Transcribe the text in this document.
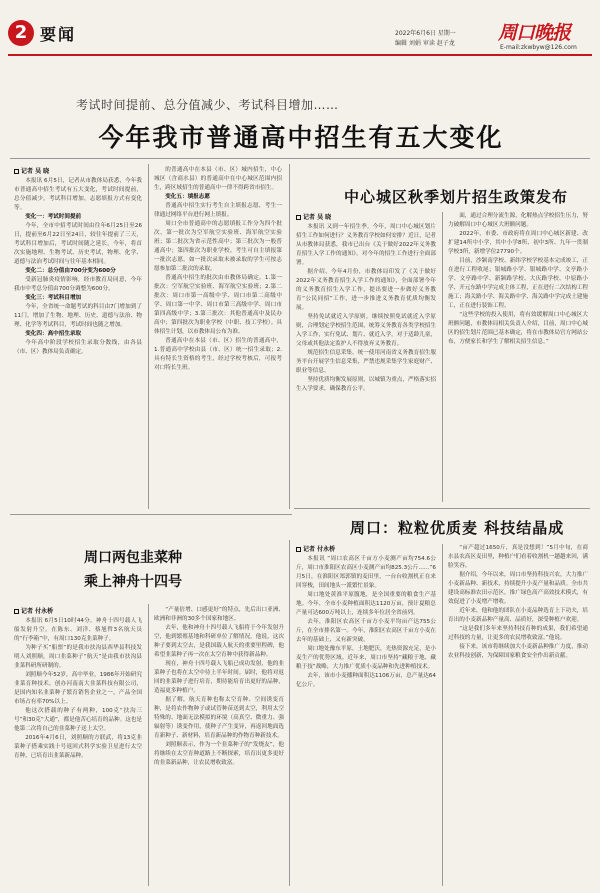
2 要闻	2022年6月6日 星期一
编辑 刘娟 审读 赵子龙 周口晚报
E-mail:zkwbyw@126.com
考试时间提前、总分值减少、考试科目增加……
今年我市普通高中招生有五大变化
记者 吴 晓
本报讯 6月5日，记者从市教体局获悉，今年我市普通高中招生考试有五大变化，考试时间提前，总分值减少，考试科目增加，志愿填报方式有变化等。
变化一：考试时间提前
今年，全市中招考试时间由往年6月25日至26日，提前至6月22日至24日，较往年提前了三天，考试科目增加后，考试时间随之延长。今年，将首次实施地理、生物考试、历史考试，物理、化学、道德与法治考试时间与往年基本相同。
变化二：总分值由700分变为600分
受新冠肺炎疫情影响，经市教育局同意，今年我市中考总分值由700分调整为600分。
变化三：考试科目增加
今年，全省统一命题考试的科目由7门增加到了11门。增加了生物、地理、历史、道德与法治、物理、化学等考试科目，考试时间也随之增加。
变化四：高中招生录取
今年高中阶段学校招生录取分数线，由各县（市、区）教体局负责确定。
的普通高中在本县（市、区）城内招生，中心城区（含商水县）的普通高中在中心城区范围内招生，跨区域招生的普通高中一律不得跨省市招生。
变化五：填报志愿
普通高中招生实行考生自主填报志愿，考生一律通过网络平台进行网上填报。
周口全市普通高中的志愿填报工作分为四个批次，第一批次为空军航空实验班、海军航空实验班；第二批次为省示范性高中；第三批次为一般普通高中；第四批次为职业学校。考生可自主填报第一批次志愿，如一批次录取未被录取的学生可按志愿参加第二批次的录取。
普通高中招生的批次由市教体局确定。1.第一批次：空军航空实验班、海军航空实验班；2.第二批次：周口市第一高级中学、周口市第二高级中学、周口第一中学、周口市第三高级中学、周口市第四高级中学；3.第三批次：其他普通高中及民办高中；第四批次为职业学校（中职、技工学校）。具体招生计划，以市教体局公布为准。
普通高中在本县（市、区）招生的普通高中，1.普通高中学校由县（市、区）统一招生录取；2.具有特长生资格的考生，经过学校考核后，可报考对口特长生班。
中心城区秋季划片招生政策发布
记者 吴 晓
本报讯 又到一年招生季。今年，周口中心城区划片招生工作如何进行？义务教育学校如何安排？近日，记者从市教体局获悉，我市已出台《关于做好2022年义务教育招生入学工作的通知》。对今年的招生工作进行全面部署。
据介绍，今年4月份，市教体局印发了《关于做好2022年义务教育招生入学工作的通知》，全面部署今年的义务教育招生入学工作，提出要进一步做好义务教育“公民同招”工作，进一步推进义务教育优质均衡发展。
坚持免试就近入学原则。继续按照免试就近入学原则，合理划定学校招生范围，统筹义务教育各类学校招生入学工作，实行免试、划片、就近入学。对于适龄儿童，父母或其他法定监护人不得放弃义务教育。
规范招生信息采集。统一使用河南省义务教育招生服务平台开展学生信息采集，严禁违规采集学生家庭财产、职业等信息。
坚持优质均衡发展原则，以城镇为重点，严格落实招生入学要求，确保教育公平。
面，通过合理分流生源，化解热点学校招生压力，努力破解周口中心城区大班额问题。
2022年，市委、市政府将在周口中心城区新建、改扩建14所中小学，其中小学8所、初中3所、九年一贯制学校3所，新增学位27790个。
目前，沙颍南学校、新纬学校学校基本完成竣工，正在进行工程收尾；银城路小学、银城路中学、文亭路小学、文亭路中学、新颍路学校、大庆路学校、中原路小学、开元东路中学完成主体工程，正在进行二次结构工程施工；海关路小学、海关路中学、海关路中学完成土建施工，正在进行装饰工程。
“这些学校的投入使用，将有效缓解周口中心城区大班额问题，市教体局相关负责人介绍，目前，周口中心城区的招生划片范围已基本确定，将在市教体局官方网站公布，方便家长和学生了解相关招生信息。”
周口：粒粒优质麦 科技结晶成
周口两包韭菜种
乘上神舟十四号
记者 付永桥
本报讯 6月5日10时44分，神舟十四号载人飞船发射升空。在陈东、刘洋、蔡旭哲3名航天员的“行李箱”中，有周口130克韭菜种子。
为种子买“船票”的是我市扶沟县西华县科技发明人刘照顺，周口韭菜种子“航天”是由我市扶沟县韭菜科研所研制的。
刘照顺今年52岁，高中毕业，1986年开始研究韭菜育种技术，创办河南南大韭菜科技有限公司，是国内知名韭菜种子繁育销售企业之一，产品全国市场占有率70%以上。
他这次搭载的种子有两种，100克“扶沟三号”和30克“大通”，都是他苦心培育的品种。这也是他第二次将自己的韭菜种子送上太空。
2016年4月6日，刘照顺的方联武，将13克韭菜种子搭乘实践十号返回式科学实验卫星进行太空育种，已培育出韭菜新品种。
“产量倍增、口感更好”的特点，先后出口亚洲、欧洲和非洲的30多个国家和地区。
去年，他和神舟十四号载人飞船将于今年发射升空，他到繁殖基地和科研单位了解情况，他说，这次种子要到太空去，是我国载人航天的重要里程碑，他希望韭菜种子再一次在太空育种中获得新品种。
现在，神舟十四号载人飞船已成功发射，他的韭菜种子也将在太空中待上半年时间。届时，他将对返回的韭菜种子进行培育，期待能培育出更好的品种，造福更多种植户。
据了解，航天育种也称太空育种、空间诱变育种，是将农作物种子或试管种苗送到太空，利用太空特殊的、地面无法模拟的环境（高真空、微重力、强辐射等）诱变作用，使种子产生变异，再返回地面选育新种子、新材料，培育新品种的作物育种新技术。
刘照顺表示，作为一个韭菜种子的“发烧友”，他将继续在太空育种道路上不断探索，培育出更多更好的韭菜新品种，让农民增收致富。
记者 付永桥
本报讯 “周口农高区千亩方小麦测产亩均754.6公斤，周口市淮阳区农高区小麦测产亩均825.3公斤……”6月5日，在淮阳区郑郭镇的麦田里，一台台收割机正在来回穿梭，田间地头一派繁忙景象。
周口地处黄淮平原腹地，是全国重要的粮食生产基地。今年，全市小麦种植面积达1120万亩，预计夏粮总产量可达600万吨以上，连续多年位居全省前列。
去年，淮阳区农高区千亩方小麦平均亩产达755公斤，在全市排名第一。今年，淮阳区农高区千亩方小麦在去年的基础上，又有新突破。
周口地处豫东平原，土地肥沃，光热资源充足，是小麦生产的优势区域。近年来，周口市坚持“藏粮于地、藏粮于技”战略，大力推广优质小麦品种和先进种植技术。
去年，该市小麦播种面积达1106万亩，总产量达64亿公斤。
“亩产超过1650斤，真是没想到！”5月中旬，在商水县农高区麦田里，种植户们看着收割机一趟趟来回，满脸笑容。
据介绍，今年以来，周口市坚持科技兴农，大力推广小麦新品种、新技术，持续提升小麦产量和品质。全市共建设高标准农田示范区，推广绿色高产高效技术模式，有效促进了小麦增产增收。
近年来，他和他的团队在小麦品种选育上下功夫，培育出的小麦新品种产量高、品质好，深受种植户欢迎。
“这是我们多年来坚持科技育种的成果，我们希望通过科技的力量，让更多的农民增收致富。”他说。
接下来，该市将继续加大小麦新品种推广力度，推动农业科技创新，为保障国家粮食安全作出新贡献。
